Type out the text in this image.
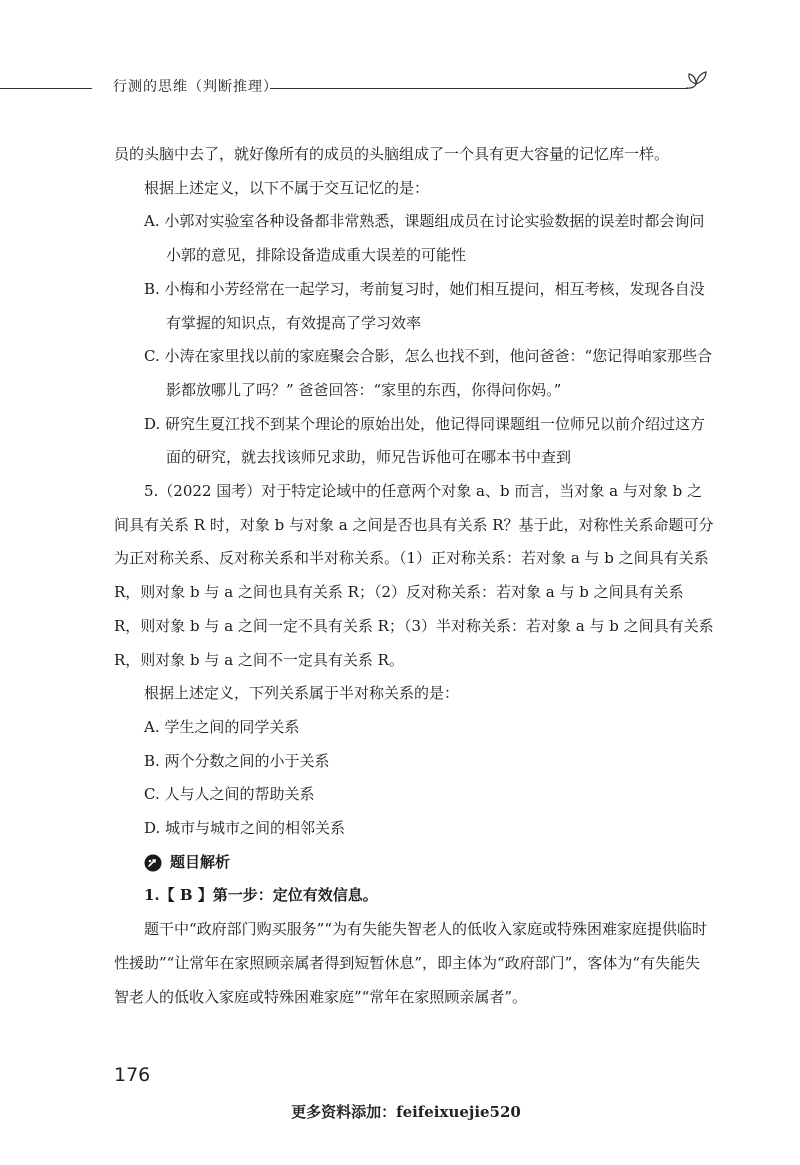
行测的思维（判断推理）

员的头脑中去了，就好像所有的成员的头脑组成了一个具有更大容量的记忆库一样。

根据上述定义，以下不属于交互记忆的是：

A. 小郭对实验室各种设备都非常熟悉，课题组成员在讨论实验数据的误差时都会询问小郭的意见，排除设备造成重大误差的可能性

B. 小梅和小芳经常在一起学习，考前复习时，她们相互提问，相互考核，发现各自没有掌握的知识点，有效提高了学习效率

C. 小涛在家里找以前的家庭聚会合影，怎么也找不到，他问爸爸：“您记得咱家那些合影都放哪儿了吗？” 爸爸回答：“家里的东西，你得问你妈。”

D. 研究生夏江找不到某个理论的原始出处，他记得同课题组一位师兄以前介绍过这方面的研究，就去找该师兄求助，师兄告诉他可在哪本书中查到

5.（2022 国考）对于特定论域中的任意两个对象 a、b 而言，当对象 a 与对象 b 之间具有关系 R 时，对象 b 与对象 a 之间是否也具有关系 R？基于此，对称性关系命题可分为正对称关系、反对称关系和半对称关系。（1）正对称关系：若对象 a 与 b 之间具有关系 R，则对象 b 与 a 之间也具有关系 R；（2）反对称关系：若对象 a 与 b 之间具有关系 R，则对象 b 与 a 之间一定不具有关系 R；（3）半对称关系：若对象 a 与 b 之间具有关系 R，则对象 b 与 a 之间不一定具有关系 R。

根据上述定义，下列关系属于半对称关系的是：

A. 学生之间的同学关系

B. 两个分数之间的小于关系

C. 人与人之间的帮助关系

D. 城市与城市之间的相邻关系

题目解析

1.【 B 】第一步：定位有效信息。

题干中“政府部门购买服务”“为有失能失智老人的低收入家庭或特殊困难家庭提供临时性援助”“让常年在家照顾亲属者得到短暂休息”，即主体为“政府部门”，客体为“有失能失智老人的低收入家庭或特殊困难家庭”“常年在家照顾亲属者”。

176
更多资料添加：feifeixuejie520
